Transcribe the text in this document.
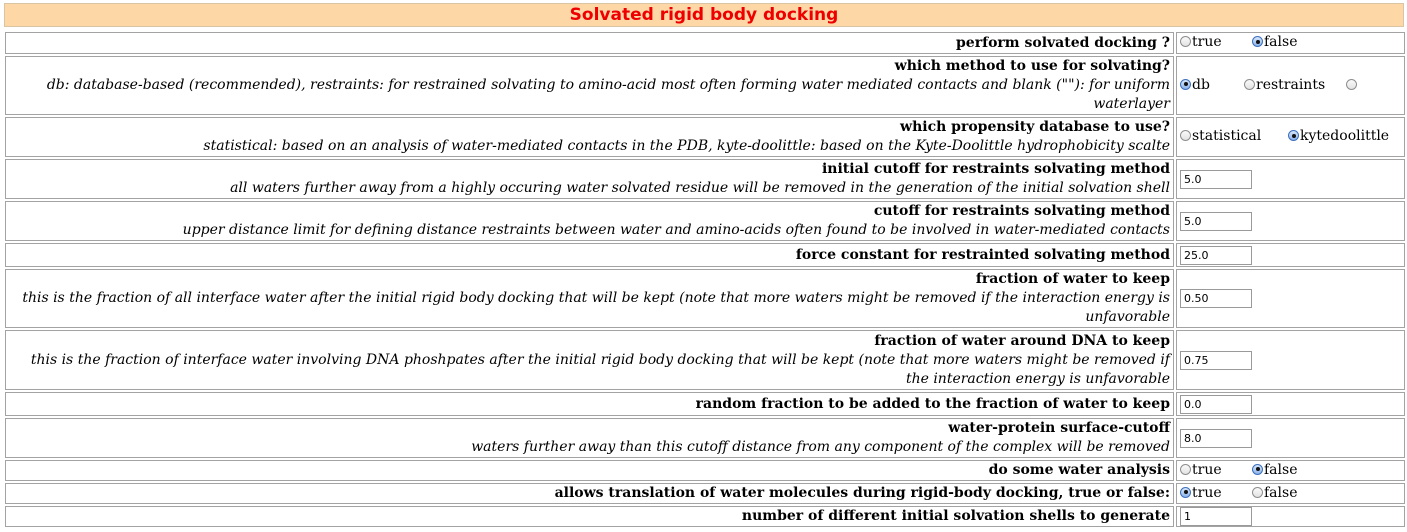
Solvated rigid body docking
perform solvated docking ?	true false

which method to use for solvating?
db: database-based (recommended), restraints: for restrained solvating to amino-acid most often forming water mediated contacts and blank (""): for uniform waterlayer	db restraints

which propensity database to use?
statistical: based on an analysis of water-mediated contacts in the PDB, kyte-doolittle: based on the Kyte-Doolittle hydrophobicity scalte	statistical kytedoolittle

initial cutoff for restraints solvating method
all waters further away from a highly occuring water solvated residue will be removed in the generation of the initial solvation shell	5.0

cutoff for restraints solvating method
upper distance limit for defining distance restraints between water and amino-acids often found to be involved in water-mediated contacts	5.0

force constant for restrainted solvating method	25.0

fraction of water to keep
this is the fraction of all interface water after the initial rigid body docking that will be kept (note that more waters might be removed if the interaction energy is unfavorable	0.50

fraction of water around DNA to keep
this is the fraction of interface water involving DNA phoshpates after the initial rigid body docking that will be kept (note that more waters might be removed if the interaction energy is unfavorable	0.75

random fraction to be added to the fraction of water to keep	0.0

water-protein surface-cutoff
waters further away than this cutoff distance from any component of the complex will be removed	8.0

do some water analysis	true false

allows translation of water molecules during rigid-body docking, true or false:	true false

number of different initial solvation shells to generate	1
